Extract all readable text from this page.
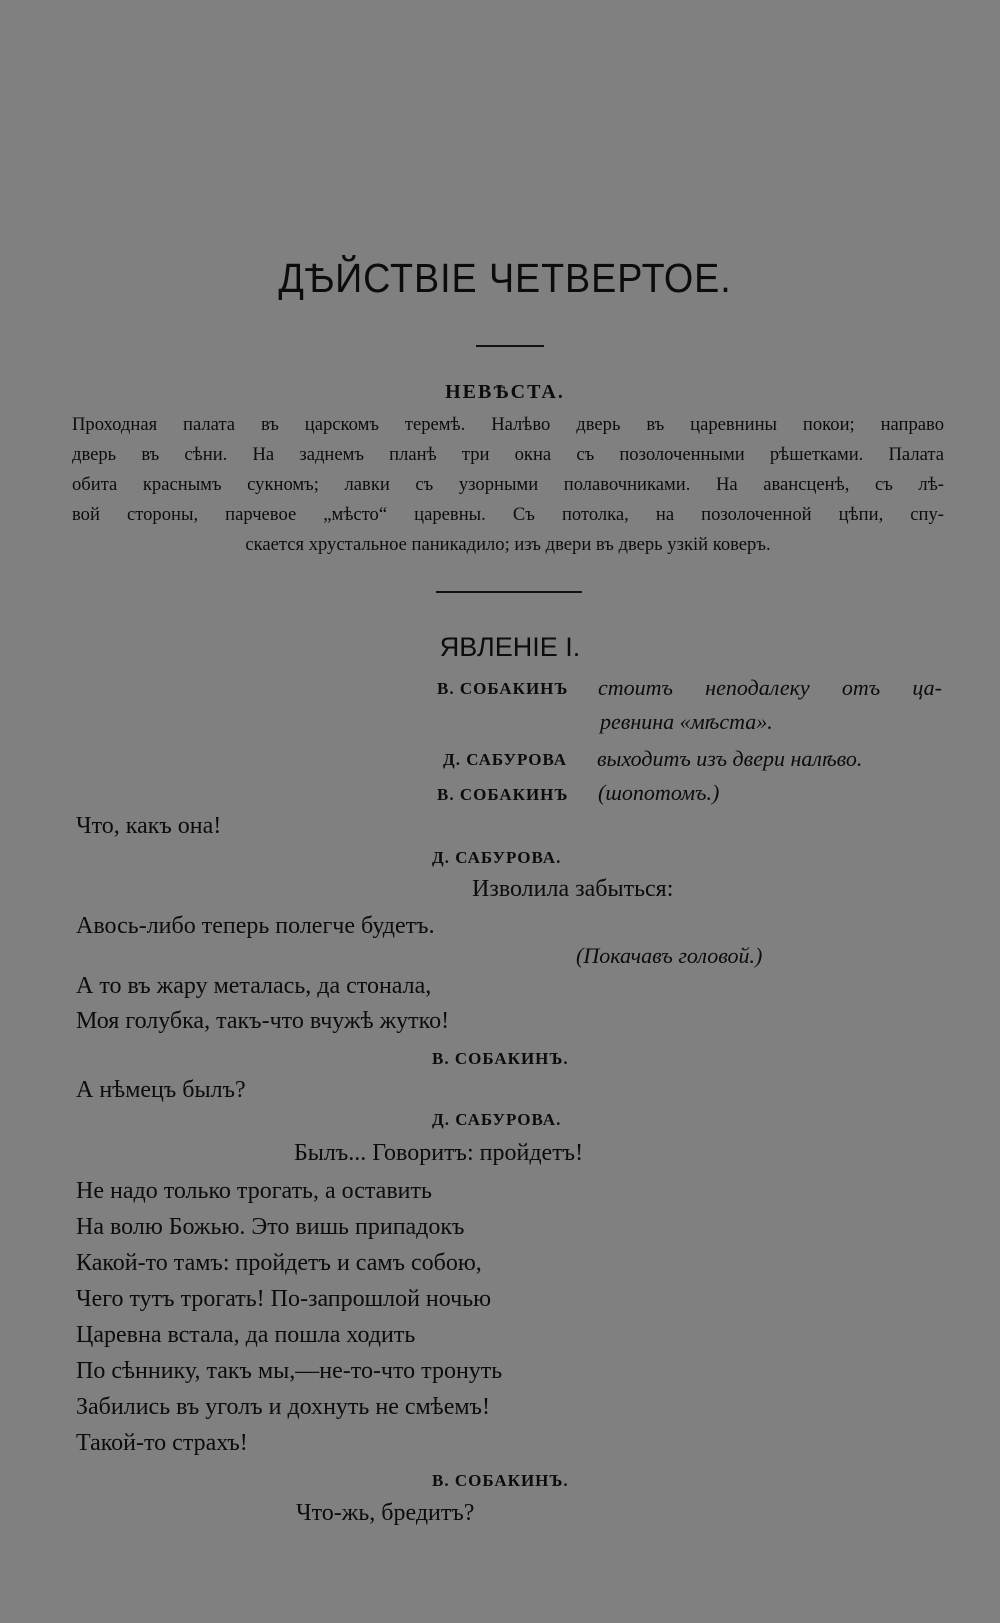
ДѢЙСТВІЕ ЧЕТВЕРТОЕ.
НЕВѢСТА.
Проходная палата въ царскомъ теремѣ. Налѣво дверь въ царевнины покои; направо
дверь въ сѣни. На заднемъ планѣ три окна съ позолоченными рѣшетками. Палата
обита краснымъ сукномъ; лавки съ узорными полавочниками. На авансценѣ, съ лѣ-
вой стороны, парчевое „мѣсто“ царевны. Съ потолка, на позолоченной цѣпи, спу-
скается хрустальное паникадило; изъ двери въ дверь узкій коверъ.
ЯВЛЕНІЕ I.
В. СОБАКИНЪ стоитъ неподалеку отъ ца-
ревнина «мѣста».
Д. САБУРОВА выходитъ изъ двери налѣво.
В. СОБАКИНЪ (шопотомъ.)
Что, какъ она!
Д. САБУРОВА.
Изволила забыться:
Авось-либо теперь полегче будетъ.
(Покачавъ головой.)
А то въ жару металась, да стонала,
Моя голубка, такъ-что вчужѣ жутко!
В. СОБАКИНЪ.
А нѣмецъ былъ?
Д. САБУРОВА.
Былъ... Говоритъ: пройдетъ!
Не надо только трогать, а оставить
На волю Божью. Это вишь припадокъ
Какой-то тамъ: пройдетъ и самъ собою,
Чего тутъ трогать! По-запрошлой ночью
Царевна встала, да пошла ходить
По сѣннику, такъ мы,—не-то-что тронуть
Забились въ уголъ и дохнуть не смѣемъ!
Такой-то страхъ!
В. СОБАКИНЪ.
Что-жь, бредитъ?
